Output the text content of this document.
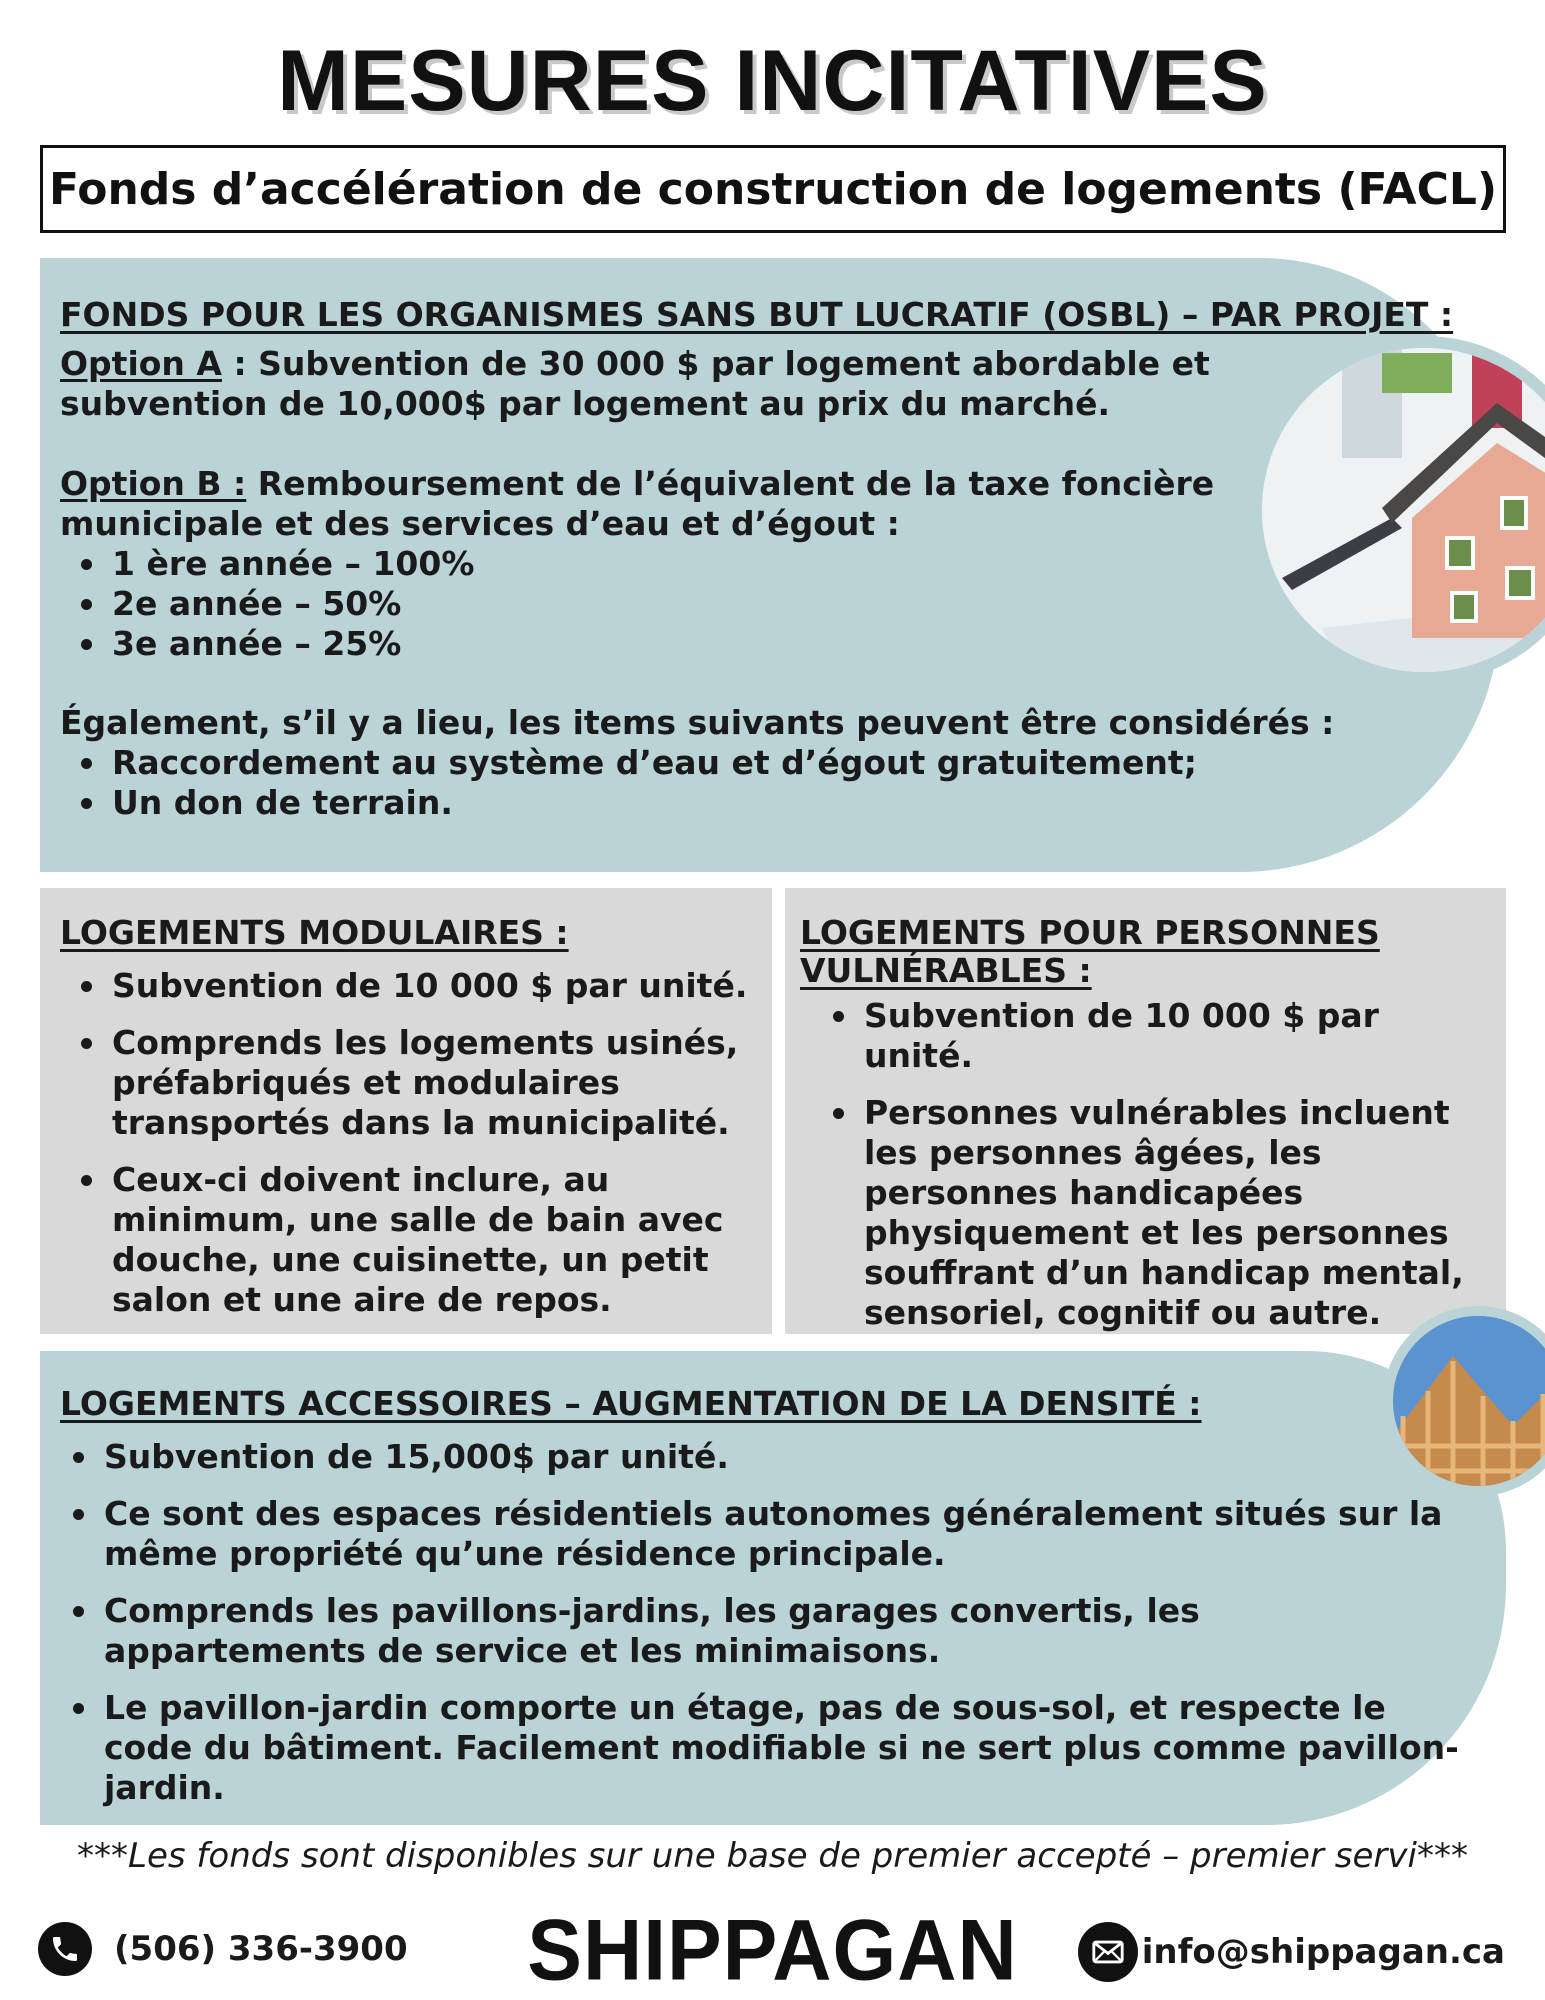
MESURES INCITATIVES
Fonds d’accélération de construction de logements (FACL)
FONDS POUR LES ORGANISMES SANS BUT LUCRATIF (OSBL) – PAR PROJET :
Option A : Subvention de 30 000 $ par logement abordable et subvention de 10,000$ par logement au prix du marché.
Option B : Remboursement de l’équivalent de la taxe foncière municipale et des services d’eau et d’égout :
1 ère année – 100%
2e année – 50%
3e année – 25%
Également, s’il y a lieu, les items suivants peuvent être considérés :
Raccordement au système d’eau et d’égout gratuitement;
Un don de terrain.
LOGEMENTS MODULAIRES :
Subvention de 10 000 $ par unité.
Comprends les logements usinés, préfabriqués et modulaires transportés dans la municipalité.
Ceux-ci doivent inclure, au minimum, une salle de bain avec douche, une cuisinette, un petit salon et une aire de repos.
LOGEMENTS POUR PERSONNES VULNÉRABLES :
Subvention de 10 000 $ par unité.
Personnes vulnérables incluent les personnes âgées, les personnes handicapées physiquement et les personnes souffrant d’un handicap mental, sensoriel, cognitif ou autre.
LOGEMENTS ACCESSOIRES – AUGMENTATION DE LA DENSITÉ :
Subvention de 15,000$ par unité.
Ce sont des espaces résidentiels autonomes généralement situés sur la même propriété qu’une résidence principale.
Comprends les pavillons-jardins, les garages convertis, les appartements de service et les minimaisons.
Le pavillon-jardin comporte un étage, pas de sous-sol, et respecte le code du bâtiment. Facilement modifiable si ne sert plus comme pavillon-jardin.
***Les fonds sont disponibles sur une base de premier accepté – premier servi***
(506) 336-3900	SHIPPAGAN	info@shippagan.ca
